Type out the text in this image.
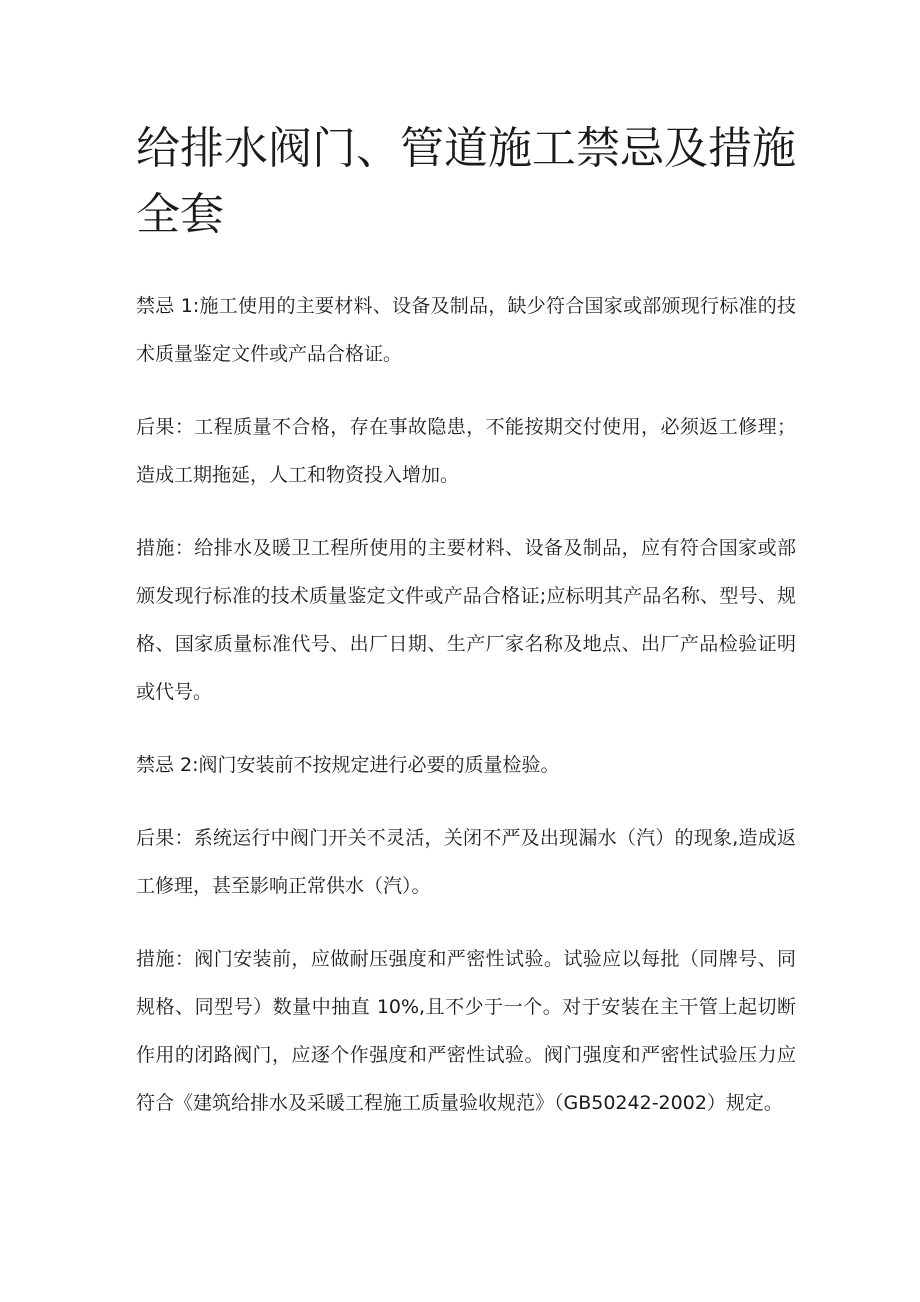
给排水阀门、管道施工禁忌及措施全套

禁忌 1:施工使用的主要材料、设备及制品，缺少符合国家或部颁现行标准的技术质量鉴定文件或产品合格证。

后果：工程质量不合格，存在事故隐患，不能按期交付使用，必须返工修理；造成工期拖延，人工和物资投入增加。

措施：给排水及暖卫工程所使用的主要材料、设备及制品，应有符合国家或部颁发现行标准的技术质量鉴定文件或产品合格证;应标明其产品名称、型号、规格、国家质量标准代号、出厂日期、生产厂家名称及地点、出厂产品检验证明或代号。

禁忌 2:阀门安装前不按规定进行必要的质量检验。

后果：系统运行中阀门开关不灵活，关闭不严及出现漏水（汽）的现象,造成返工修理，甚至影响正常供水（汽）。

措施：阀门安装前，应做耐压强度和严密性试验。试验应以每批（同牌号、同规格、同型号）数量中抽直 10%,且不少于一个。对于安装在主干管上起切断作用的闭路阀门，应逐个作强度和严密性试验。阀门强度和严密性试验压力应符合《建筑给排水及采暖工程施工质量验收规范》（GB50242-2002）规定。
